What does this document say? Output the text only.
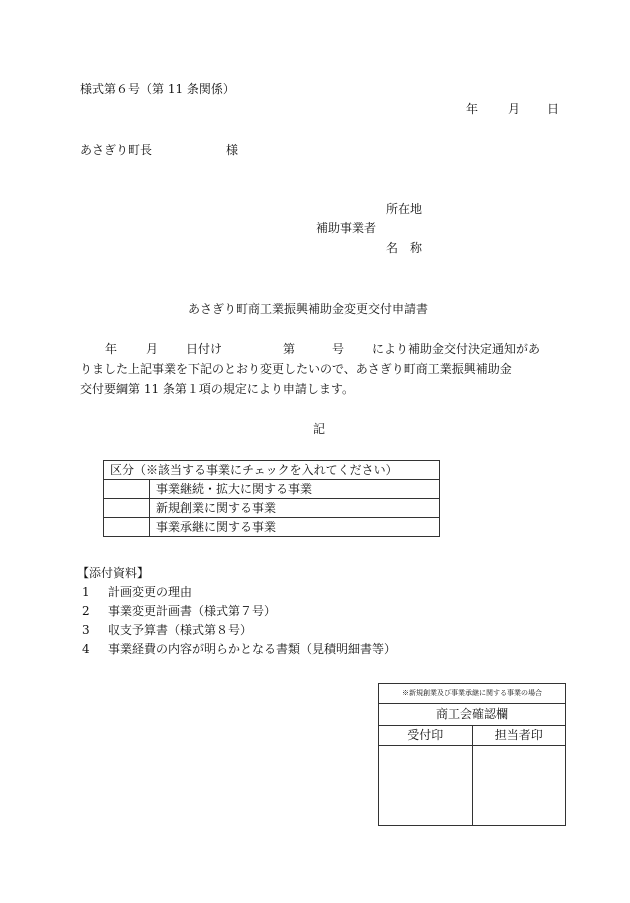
様式第６号（第 11 条関係）
年 月 日
あさぎり町長	様
所在地
補助事業者
名　称
あさぎり町商工業振興補助金変更交付申請書
年 月 日付け	第	号 により補助金交付決定通知があ
りました上記事業を下記のとおり変更したいので、あさぎり町商工業振興補助金
交付要綱第 11 条第１項の規定により申請します。
記
区分（※該当する事業にチェックを入れてください）	
	事業継続・拡大に関する事業
	新規創業に関する事業
	事業承継に関する事業
【添付資料】
1 計画変更の理由
2 事業変更計画書（様式第７号）
3 収支予算書（様式第８号）
4 事業経費の内容が明らかとなる書類（見積明細書等）
※新規創業及び事業承継に関する事業の場合
商工会確認欄
受付印	担当者印
